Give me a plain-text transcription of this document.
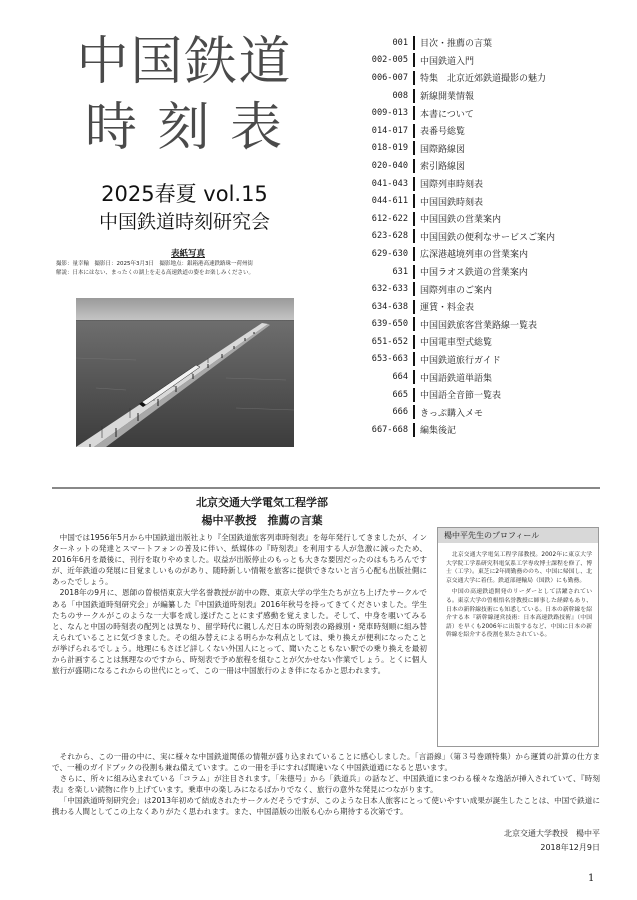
中国鉄道
時 刻 表
2025春夏 vol.15
中国鉄道時刻研究会
表紙写真
撮影：量幸輸　撮影日：2025年3月3日　撮影地点：銀箱港高速鉄路珠一荷州街
解説：日本にはない、まったくの湖上を走る高速鉄道の姿をお楽しみください。
001	目次・推薦の言葉
002-005	中国鉄道入門
006-007	特集　北京近郊鉄道撮影の魅力
008	新線開業情報
009-013	本書について
014-017	表番号総覧
018-019	国際路線図
020-040	索引路線図
041-043	国際列車時刻表
044-611	中国国鉄時刻表
612-622	中国国鉄の営業案内
623-628	中国国鉄の便利なサービスご案内
629-630	広深港越境列車の営業案内
631	中国ラオス鉄道の営業案内
632-633	国際列車のご案内
634-638	運賃・料金表
639-650	中国国鉄旅客営業路線一覧表
651-652	中国電車型式総覧
653-663	中国鉄道旅行ガイド
664	中国語鉄道単語集
665	中国語全音節一覧表
666	きっぷ購入メモ
667-668	編集後記
北京交通大学電気工程学部
楊中平教授　推薦の言葉

中国では1956年5月から中国鉄道出版社より『全国鉄道旅客列車時刻表』を毎年発行してきましたが、インターネットの発達とスマートフォンの普及に伴い、紙媒体の『時刻表』を利用する人が急激に減ったため、2016年6月を最後に、刊行を取りやめました。収益が出版停止のもっとも大きな要因だったのはもちろんですが、近年鉄道の発展に目覚ましいものがあり、随時新しい情報を旅客に提供できないと言う心配も出版社側にあったでしょう。

2018年の9月に、恩師の曽根悟東京大学名誉教授が訪中の際、東京大学の学生たちが立ち上げたサークルである「中国鉄道時刻研究会」が編纂した『中国鉄道時刻表』2016年秋号を持ってきてくださいました。学生たちのサークルがこのような一大事を成し遂げたことにまず感動を覚えました。そして、中身を覗いてみると、なんと中国の時刻表の配列とは異なり、留学時代に親しんだ日本の時刻表の路線別・発車時刻順に組み替えられていることに気づきました。その組み替えによる明らかな利点としては、乗り換えが便利になったことが挙げられるでしょう。地理にもさほど詳しくない外国人にとって、聞いたこともない駅での乗り換えを最初から計画することは無理なのですから、時刻表で予め旅程を組むことが欠かせない作業でしょう。とくに個人旅行が盛期になるこれからの世代にとって、この一冊は中国旅行のよき伴になるかと思われます。

楊中平先生のプロフィール

北京交通大学電気工程学部教授。2002年に東京大学大学院工学系研究科電気系工学専攻博士課程を修了、博士（工学）。東芝に2年間勤務ののち、中国に帰国し、北京交通大学に着任。鉄道部運輸局（国鉄）にも勤務。

中国の高速鉄道開発のリーダーとして活躍されている。東京大学の曽根悟名誉教授に師事した経緯もあり、日本の新幹線技術にも知悉している。日本の新幹線を紹介する本『新幹線運営技術：日本高速鉄路技術』（中国語）を早くも2006年に出版するなど、中国に日本の新幹線を紹介する役割を果たされている。

それから、この一冊の中に、実に様々な中国鉄道関係の情報が盛り込まれていることに感心しました。「言語線」（第３号巻頭特集）から運賃の計算の仕方まで、一種のガイドブックの役割も兼ね備えています。この一冊を手にすれば間違いなく中国鉄道通になると思います。

さらに、所々に組み込まれている「コラム」が注目されます。「朱徳号」から「鉄道兵」の話など、中国鉄道にまつわる様々な逸話が挿入されていて、『時刻表』を楽しい読物に作り上げています。乗車中の楽しみになるばかりでなく、旅行の意外な発見につながります。

「中国鉄道時刻研究会」は2013年初めて結成されたサークルだそうですが、このような日本人旅客にとって使いやすい成果が誕生したことは、中国で鉄道に携わる人間としてこの上なくありがたく思われます。また、中国語版の出版も心から期待する次第です。

北京交通大学教授　楊中平
2018年12月9日
1
